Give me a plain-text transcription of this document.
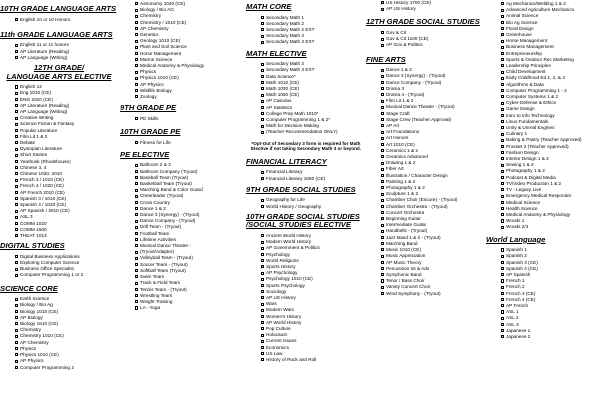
10TH GRADE LANGUAGE ARTS
English 10 or 10 Honors
11th GRADE LANGUAGE ARTS
English 11 or 11 honors
AP Literature (Reading)
AP Language (Writing)
12TH GRADE/
LANGUAGE ARTS ELECTIVE
English 12
Eng 1010 (CE)
ENG 2010 (CE)
AP Literature (Reading)
AP Language (Writing)
Creative Writing
Science Fiction & Fantasy
Popular Literature
Film Lit 1 & 2
Debate
Dystopian Literature
Short Stories
Yearbook (Rhodehouse)
Chinese 3, 4
Chinese 1020, 2010
French 3 / 1010 (CE)
French 4 / 1020 (CE)
AP French 2010 (CE)
Spanish 3 / 1010 (CE)
Spanish 4 / 1020 (CE)
AP Spanish / 2010 (CE)
ASL 3
COMM 1020
COMM 1500
THEAT 1013
DIGITAL STUDIES
Digital Business Applications
Exploring Computer Science
Business Office Specialist
Computer Programming 1 or 2
SCIENCE CORE
Earth Science
Biology / Bio Ag
Biology 1010 (CE)
AP Biology
Biology 1610 (CE)
Chemistry
Chemistry 1010 (CE)
AP Chemistry
Physics
Physics 1010 (CE)
AP Physics
Computer Programming 2
Astronomy 1040 (CE)
Biology / Bio AG
Chemistry
Chemistry / 1010 (CE)
AP Chemistry
Genetics
Geology 1010 (CE)
Plant and Soil Science
Horse Management
Marine Science
Medical Anatomy & Physiology
Physics
Physics 1010 (CE)
AP Physics
Wildlife Biology
Zoology
9TH GRADE PE
PE Skills
10TH GRADE PE
Fitness for Life
PE ELECTIVE
Ballroom 2 & 3
Ballroom Company (Tryout)
Baseball Team (Tryout)
Basketball Team (Tryout)
Marching Band & Color Guard
Cheerleader (Tryout)
Cross Country
Dance 1 & 2
Dance 3 (Synergy) - (Tryout)
Dance Company - (Tryout)
Drill Team - (Tryout)
Football Team
Lifetime Activities
Musical Dance Theater -
(Tryout/Adapter)
Volleyball Team - (Tryout)
Soccer Team - (Tryout)
Softball Team (Tryout)
Swim Team
Track & Field Team
Tennis Team - (Tryout)
Wrestling Team
Weight Training
LA - Yoga
MATH CORE
Secondary Math 1
Secondary Math 2
Secondary Math 2 EXT
Secondary Math 3
Secondary Math 3 EXT
MATH ELECTIVE
Secondary Math 3
Secondary Math 3 EXT
Data Science*
Math 1010 (CE)
Math 1030 (CE)
Math 1050 (CE)
AP Calculus
AP Statistics
College Prep Math 1010*
Computer Programming 1 & 2*
Math for Decision Making
(Teacher Recommendation ONLY)
*Opt-Out of Secondary 3 form is required for Math Elective if not taking Secondary Math 3 or beyond.
FINANCIAL LITERACY
Financial Literacy
Financial Literacy 1060 (CE)
9TH GRADE SOCIAL STUDIES
Geography for Life
World History / Geography
10TH GRADE SOCIAL STUDIES
/SOCIAL STUDIES ELECTIVE
Ancient World History
Modern World History
AP Government & Politics
Psychology
World Religions
Sports History
AP Psychology
Psychology 1010 (CE)
Sports Psychology
Sociology
AP US History
Wars
Modern Wars
Women's History
AP World History
Pop Culture
Holocaust
Current Issues
Economics
US Law
History of Rock and Roll
US History 1700 (CE)
AP US History
12TH GRADE SOCIAL STUDIES
Gov & Cit
Gov & Cit 1100 (CE)
AP Gov & Politics
FINE ARTS
Dance 1 & 2
Dance 3 (Synergy) - (Tryout)
Dance Company - (Tryout)
Drama 3
Drama 4 - (Tryout)
Film Lit 1 & 2
Musical Dance Theater - (Tryout)
Stage Craft
Stage Crew (Teacher Approval)
AP Art
Art Foundations
Art Honors
Art 1010 (CE)
Ceramics 1 & 2
Ceramics Advanced
Drawing 1 & 2
Fiber Art
Illustration / Character Design
Painting 1 & 2
Photography 1 & 2
Sculpture 1 & 2
Chamber Choir (Encore) - (Tryout)
Chamber Orchestra - (Tryout)
Concert Orchestra
Beginning Guitar
Intermediate Guitar
Handbells - (Tryout)
Jazz Band 1 & 2 - (Tryout)
Marching Band
Music 1010 (CE)
Music Appreciation
AP Music Theory
Percussion Int & Adv
Symphonic Band
Tenor / Bass Choir
Varsity Concert Choir
Wind Symphony - (Tryout)
Ag Mechanics/Welding 1 & 2
Advanced Agriculture Mechanics
Animal Science
Bio Ag Science
Floral Design
Greenhouse
Horse Management
Business Management
Entrepreneurship
Sports & Outdoor Rec Marketing
Leadership Principles
Child Development
Early Childhood Ed 1, 2, & 3
Algorithms & Data
Computer Programming 1 - 4
Computer Systems 1 & 2
Cyber-Defense & Ethics
Game Design
Intro to Info Technology
Linux Fundamentals
Unity & Unreal Engines
Culinary 1
Baking & Pastry (Teacher Approved)
Prostart 2 (Teacher Approved)
Fashion Design
Interior Design 1 & 2
Sewing 1 & 2
Photography 1 & 2
Podcast & Digital Media
TV/Video Production 1 & 2
TV - Legacy Live
Emergency Medical Responder
Medical Science
Health Science
Medical Anatomy & Physiology
Woods 1
Woods 2/3
World Language
Spanish 1
Spanish 2
Spanish 3 (CE)
Spanish 4 (CE)
AP Spanish
French 1
French 2
French 3 (CE)
French 4 (CE)
AP French
ASL 1
ASL 2
ASL 3
Japanese 1
Japanese 2
